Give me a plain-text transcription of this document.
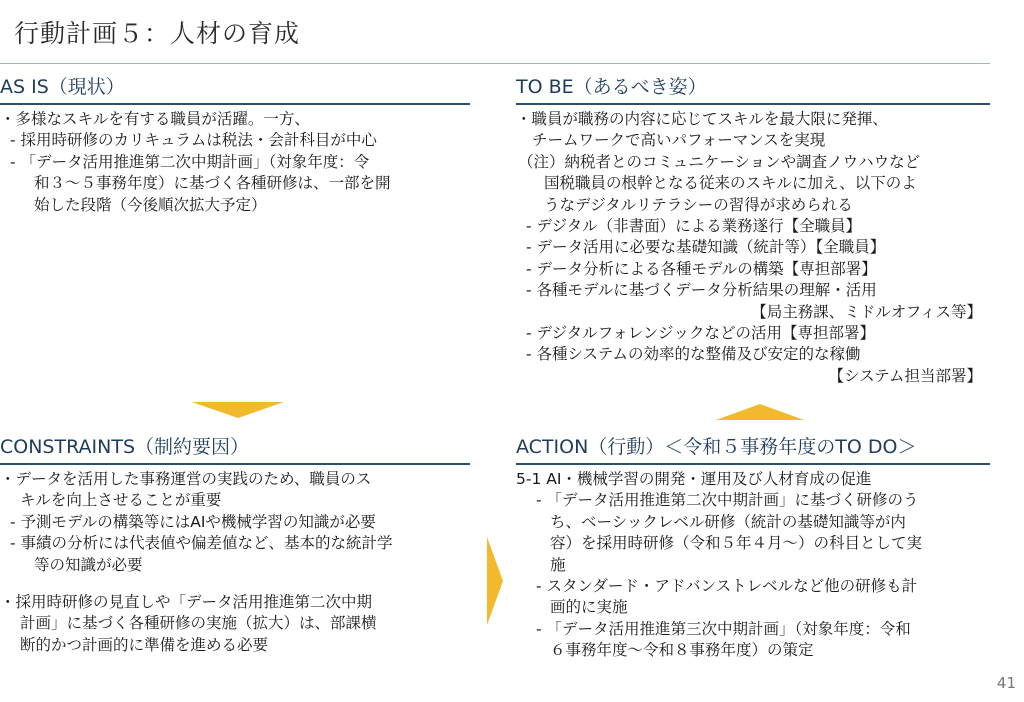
行動計画５：人材の育成
AS IS（現状）
・多様なスキルを有する職員が活躍。一方、
- 採用時研修のカリキュラムは税法・会計科目が中心
- 「データ活用推進第二次中期計画」（対象年度：令
和３～５事務年度）に基づく各種研修は、一部を開
始した段階（今後順次拡大予定）
TO BE（あるべき姿）
・職員が職務の内容に応じてスキルを最大限に発揮、
チームワークで高いパフォーマンスを実現
（注）納税者とのコミュニケーションや調査ノウハウなど
国税職員の根幹となる従来のスキルに加え、以下のよ
うなデジタルリテラシーの習得が求められる
- デジタル（非書面）による業務遂行【全職員】
- データ活用に必要な基礎知識（統計等）【全職員】
- データ分析による各種モデルの構築【専担部署】
- 各種モデルに基づくデータ分析結果の理解・活用
【局主務課、ミドルオフィス等】
- デジタルフォレンジックなどの活用【専担部署】
- 各種システムの効率的な整備及び安定的な稼働
【システム担当部署】
CONSTRAINTS（制約要因）
・データを活用した事務運営の実践のため、職員のス
キルを向上させることが重要
- 予測モデルの構築等にはAIや機械学習の知識が必要
- 事績の分析には代表値や偏差値など、基本的な統計学
等の知識が必要
・採用時研修の見直しや「データ活用推進第二次中期
計画」に基づく各種研修の実施（拡大）は、部課横
断的かつ計画的に準備を進める必要
ACTION（行動）＜令和５事務年度のTO DO＞
5-1 AI・機械学習の開発・運用及び人材育成の促進
- 「データ活用推進第二次中期計画」に基づく研修のう
ち、ベーシックレベル研修（統計の基礎知識等が内
容）を採用時研修（令和５年４月～）の科目として実
施
- スタンダード・アドバンストレベルなど他の研修も計
画的に実施
- 「データ活用推進第三次中期計画」（対象年度：令和
６事務年度～令和８事務年度）の策定
41
